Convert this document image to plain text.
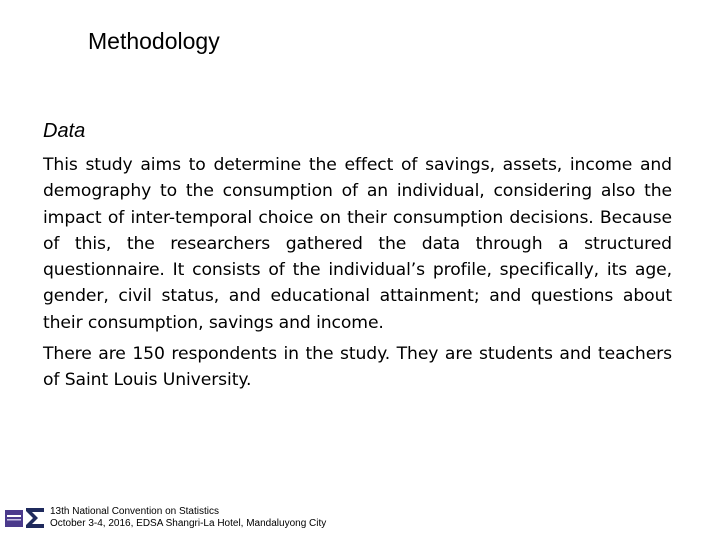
Methodology
Data

This study aims to determine the effect of savings, assets, income and demography to the consumption of an individual, considering also the impact of inter-temporal choice on their consumption decisions. Because of this, the researchers gathered the data through a structured questionnaire. It consists of the individual’s profile, specifically, its age, gender, civil status, and educational attainment; and questions about their consumption, savings and income.

There are 150 respondents in the study. They are students and teachers of Saint Louis University.

13th National Convention on Statistics
October 3-4, 2016, EDSA Shangri-La Hotel, Mandaluyong City
